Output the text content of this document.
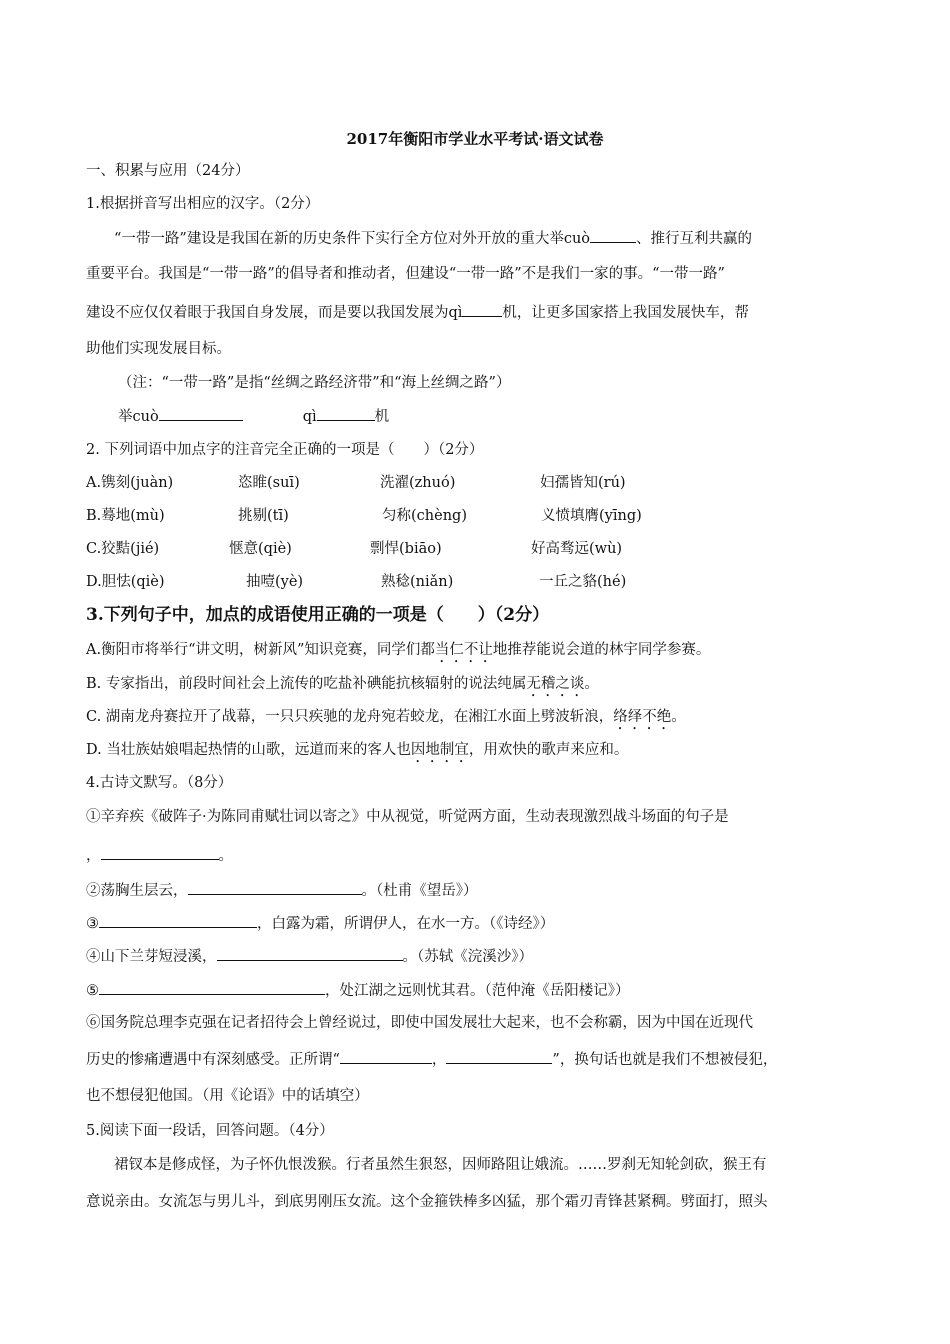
2017年衡阳市学业水平考试·语文试卷
一、积累与应用（24分）
1.根据拼音写出相应的汉字。（2分）
“一带一路”建设是我国在新的历史条件下实行全方位对外开放的重大举cuò	、推行互利共赢的
重要平台。我国是“一带一路”的倡导者和推动者，但建设“一带一路”不是我们一家的事。“一带一路”
建设不应仅仅着眼于我国自身发展，而是要以我国发展为qì	机，让更多国家搭上我国发展快车，帮
助他们实现发展目标。
（注：“一带一路”是指“丝绸之路经济带”和“海上丝绸之路”）
举cuò	qì	机
2. 下列词语中加点字的注音完全正确的一项是（　　）（2分）
A.镌刻(juàn)	恣睢(suī)	洗濯(zhuó)	妇孺皆知(rú)
B.蓦地(mù)	挑剔(tī)	匀称(chèng)	义愤填膺(yīng)
C.狡黠(jié)	惬意(qiè)	剽悍(biāo)	好高骛远(wù)
D.胆怯(qiè)	抽噎(yè)	熟稔(niǎn)	一丘之貉(hé)
3.下列句子中，加点的成语使用正确的一项是（　　）（2分）
A.衡阳市将举行“讲文明，树新风”知识竞赛，同学们都当仁不让地推荐能说会道的林宇同学参赛。
B. 专家指出，前段时间社会上流传的吃盐补碘能抗核辐射的说法纯属无稽之谈。
C. 湖南龙舟赛拉开了战幕，一只只疾驰的龙舟宛若蛟龙，在湘江水面上劈波斩浪，络绎不绝。
D. 当壮族姑娘唱起热情的山歌，远道而来的客人也因地制宜，用欢快的歌声来应和。
4.古诗文默写。（8分）
①辛弃疾《破阵子·为陈同甫赋壮词以寄之》中从视觉，听觉两方面，生动表现激烈战斗场面的句子是
，	。
②荡胸生层云，	。（杜甫《望岳》）
③	，白露为霜，所谓伊人，在水一方。（《诗经》）
④山下兰芽短浸溪，	。（苏轼《浣溪沙》）
⑤	，处江湖之远则忧其君。（范仲淹《岳阳楼记》）
⑥国务院总理李克强在记者招待会上曾经说过，即使中国发展壮大起来，也不会称霸，因为中国在近现代
历史的惨痛遭遇中有深刻感受。正所谓“	，	”，换句话也就是我们不想被侵犯，
也不想侵犯他国。（用《论语》中的话填空）
5.阅读下面一段话，回答问题。（4分）
裙钗本是修成怪，为子怀仇恨泼猴。行者虽然生狠怒，因师路阻让娥流。……罗刹无知轮剑砍，猴王有
意说亲由。女流怎与男儿斗，到底男刚压女流。这个金箍铁棒多凶猛，那个霜刃青锋甚紧稠。劈面打，照头
